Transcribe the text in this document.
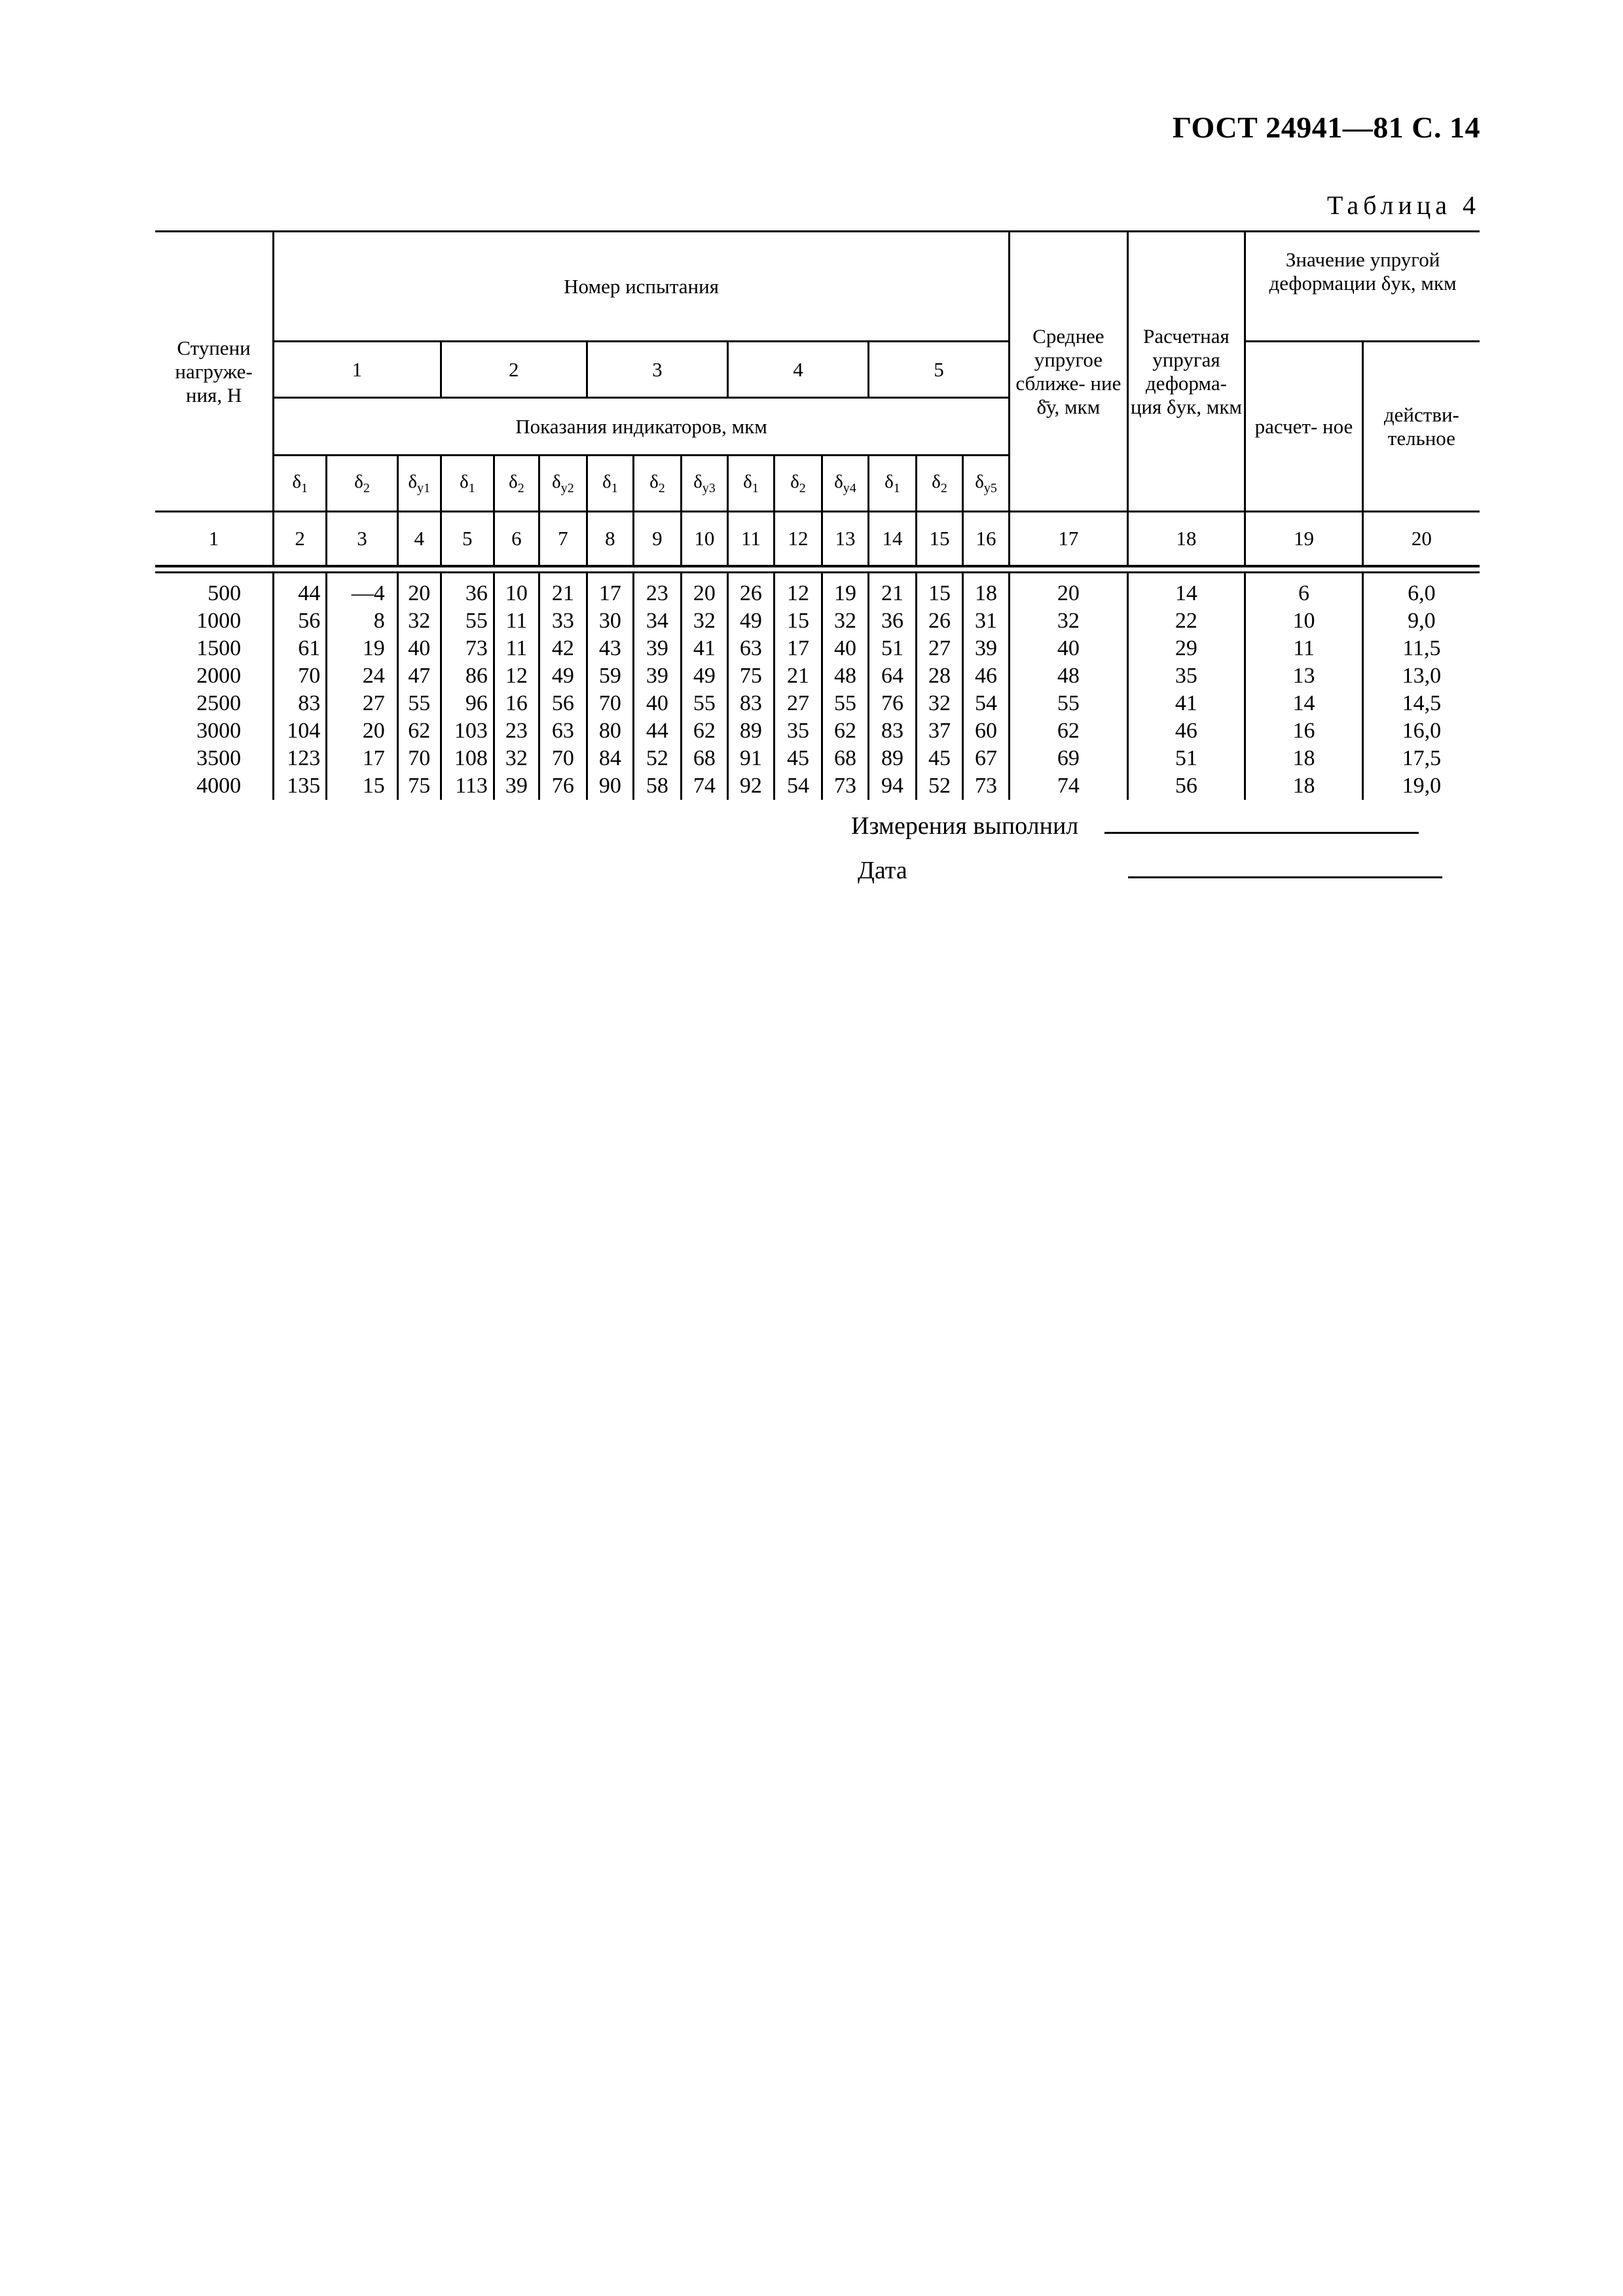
ГОСТ 24941—81 С. 14
Таблица 4
Ступени нагруже- ния, Н	Номер испытания															Среднее упругое сближе- ние δ̄у, мкм	Расчетная упругая деформа- ция δук, мкм	Значение упругой деформации δук, мкм	
	1			2			3			4			5					расчет- ное	действи- тельное
	Показания индикаторов, мкм																		
	$\delta_1$	$\delta_2$	$\delta_{у1}$	$\delta_1$	$\delta_2$	$\delta_{у2}$	$\delta_1$	$\delta_2$	$\delta_{у3}$	$\delta_1$	$\delta_2$	$\delta_{у4}$	$\delta_1$	$\delta_2$	$\delta_{у5}$
1	2	3	4	5	6	7	8	9	10	11	12	13	14	15	16	17	18	19	20

500	44	—4	20	36	10	21	17	23	20	26	12	19	21	15	18	20	14	6	6,0
1000	56	8	32	55	11	33	30	34	32	49	15	32	36	26	31	32	22	10	9,0
1500	61	19	40	73	11	42	43	39	41	63	17	40	51	27	39	40	29	11	11,5
2000	70	24	47	86	12	49	59	39	49	75	21	48	64	28	46	48	35	13	13,0
2500	83	27	55	96	16	56	70	40	55	83	27	55	76	32	54	55	41	14	14,5
3000	104	20	62	103	23	63	80	44	62	89	35	62	83	37	60	62	46	16	16,0
3500	123	17	70	108	32	70	84	52	68	91	45	68	89	45	67	69	51	18	17,5
4000	135	15	75	113	39	76	90	58	74	92	54	73	94	52	73	74	56	18	19,0
Измерения выполнил
Дата
